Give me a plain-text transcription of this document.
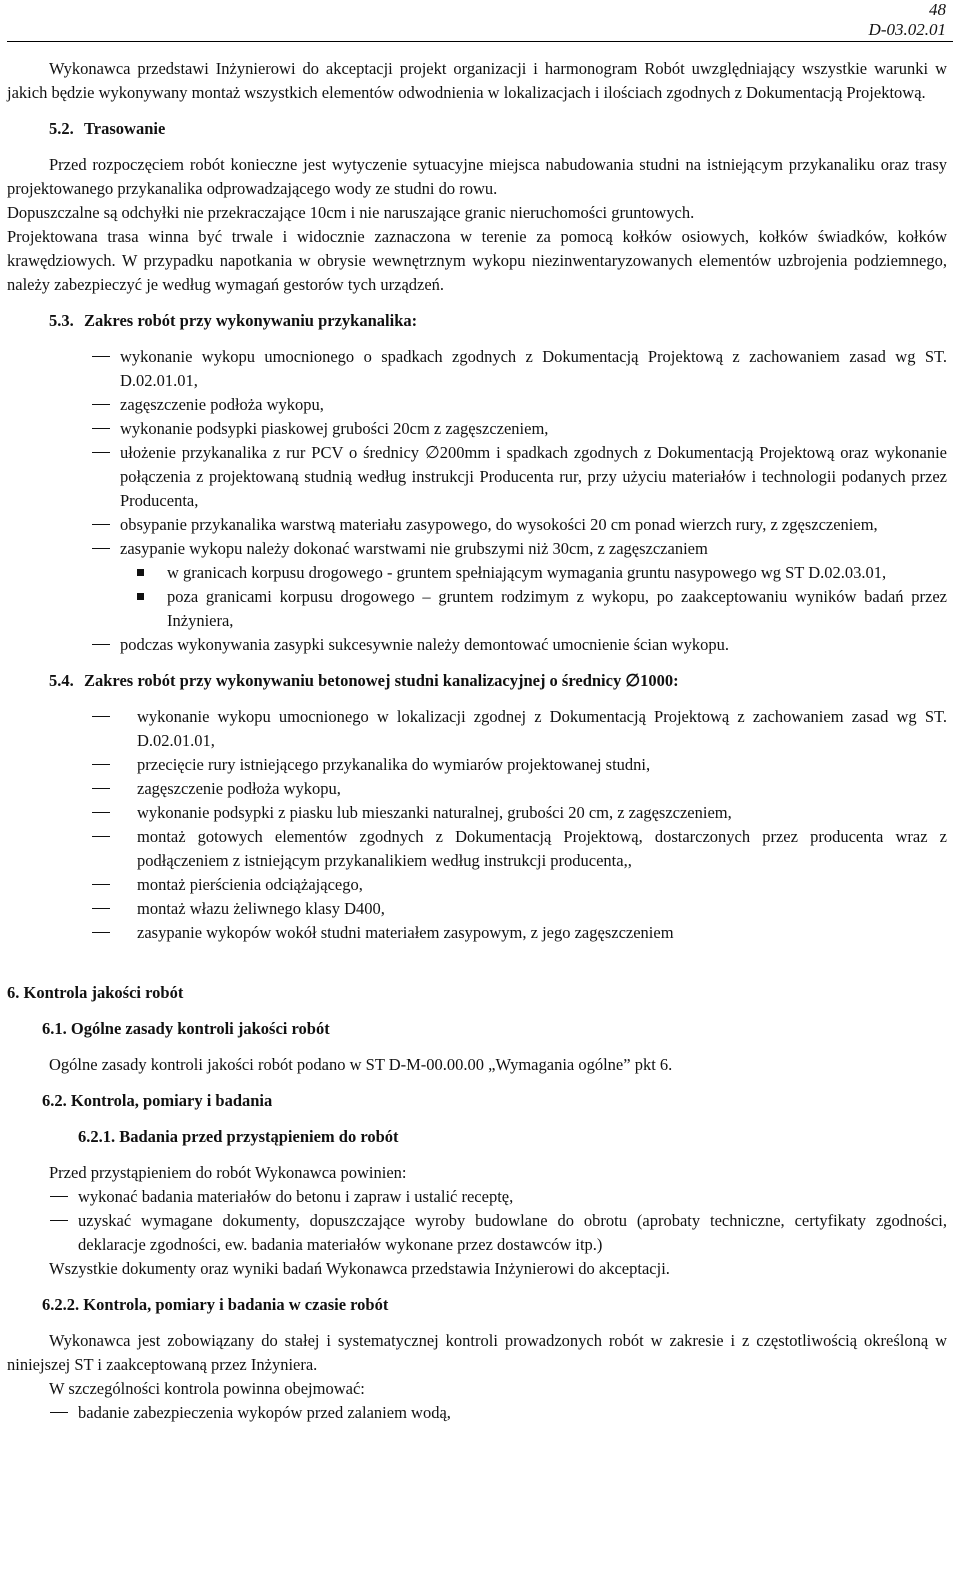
48
D-03.02.01

Wykonawca przedstawi Inżynierowi do akceptacji projekt organizacji i harmonogram Robót uwzględniający wszystkie warunki w jakich będzie wykonywany montaż wszystkich elementów odwodnienia w lokalizacjach i ilościach zgodnych z Dokumentacją Projektową.

5.2. Trasowanie

Przed rozpoczęciem robót konieczne jest wytyczenie sytuacyjne miejsca nabudowania studni na istniejącym przykanaliku oraz trasy projektowanego przykanalika odprowadzającego wody ze studni do rowu.

Dopuszczalne są odchyłki nie przekraczające 10cm i nie naruszające granic nieruchomości gruntowych.

Projektowana trasa winna być trwale i widocznie zaznaczona w terenie za pomocą kołków osiowych, kołków świadków, kołków krawędziowych. W przypadku napotkania w obrysie wewnętrznym wykopu niezinwentaryzowanych elementów uzbrojenia podziemnego, należy zabezpieczyć je według wymagań gestorów tych urządzeń.

5.3. Zakres robót przy wykonywaniu przykanalika:

wykonanie wykopu umocnionego o spadkach zgodnych z Dokumentacją Projektową z zachowaniem zasad wg ST. D.02.01.01,
zagęszczenie podłoża wykopu,
wykonanie podsypki piaskowej grubości 20cm z zagęszczeniem,
ułożenie przykanalika z rur PCV o średnicy ∅200mm i spadkach zgodnych z Dokumentacją Projektową oraz wykonanie połączenia z projektowaną studnią według instrukcji Producenta rur, przy użyciu materiałów i technologii podanych przez Producenta,
obsypanie przykanalika warstwą materiału zasypowego, do wysokości 20 cm ponad wierzch rury, z zgęszczeniem,
zasypanie wykopu należy dokonać warstwami nie grubszymi niż 30cm, z zagęszczaniem
w granicach korpusu drogowego - gruntem spełniającym wymagania gruntu nasypowego wg ST D.02.03.01,
poza granicami korpusu drogowego – gruntem rodzimym z wykopu, po zaakceptowaniu wyników badań przez Inżyniera,
podczas wykonywania zasypki sukcesywnie należy demontować umocnienie ścian wykopu.

5.4. Zakres robót przy wykonywaniu betonowej studni kanalizacyjnej o średnicy ∅1000:

wykonanie wykopu umocnionego w lokalizacji zgodnej z Dokumentacją Projektową z zachowaniem zasad wg ST. D.02.01.01,
przecięcie rury istniejącego przykanalika do wymiarów projektowanej studni,
zagęszczenie podłoża wykopu,
wykonanie podsypki z piasku lub mieszanki naturalnej, grubości 20 cm, z zagęszczeniem,
montaż gotowych elementów zgodnych z Dokumentacją Projektową, dostarczonych przez producenta wraz z podłączeniem z istniejącym przykanalikiem według instrukcji producenta,,
montaż pierścienia odciążającego,
montaż włazu żeliwnego klasy D400,
zasypanie wykopów wokół studni materiałem zasypowym, z jego zagęszczeniem

6. Kontrola jakości robót

6.1. Ogólne zasady kontroli jakości robót

Ogólne zasady kontroli jakości robót podano w ST D-M-00.00.00 „Wymagania ogólne” pkt 6.

6.2. Kontrola, pomiary i badania

6.2.1. Badania przed przystąpieniem do robót

Przed przystąpieniem do robót Wykonawca powinien:

wykonać badania materiałów do betonu i zapraw i ustalić receptę,
uzyskać wymagane dokumenty, dopuszczające wyroby budowlane do obrotu (aprobaty techniczne, certyfikaty zgodności, deklaracje zgodności, ew. badania materiałów wykonane przez dostawców itp.)

Wszystkie dokumenty oraz wyniki badań Wykonawca przedstawia Inżynierowi do akceptacji.

6.2.2. Kontrola, pomiary i badania w czasie robót

Wykonawca jest zobowiązany do stałej i systematycznej kontroli prowadzonych robót w zakresie i z częstotliwością określoną w niniejszej ST i zaakceptowaną przez Inżyniera.

W szczególności kontrola powinna obejmować:

badanie zabezpieczenia wykopów przed zalaniem wodą,
